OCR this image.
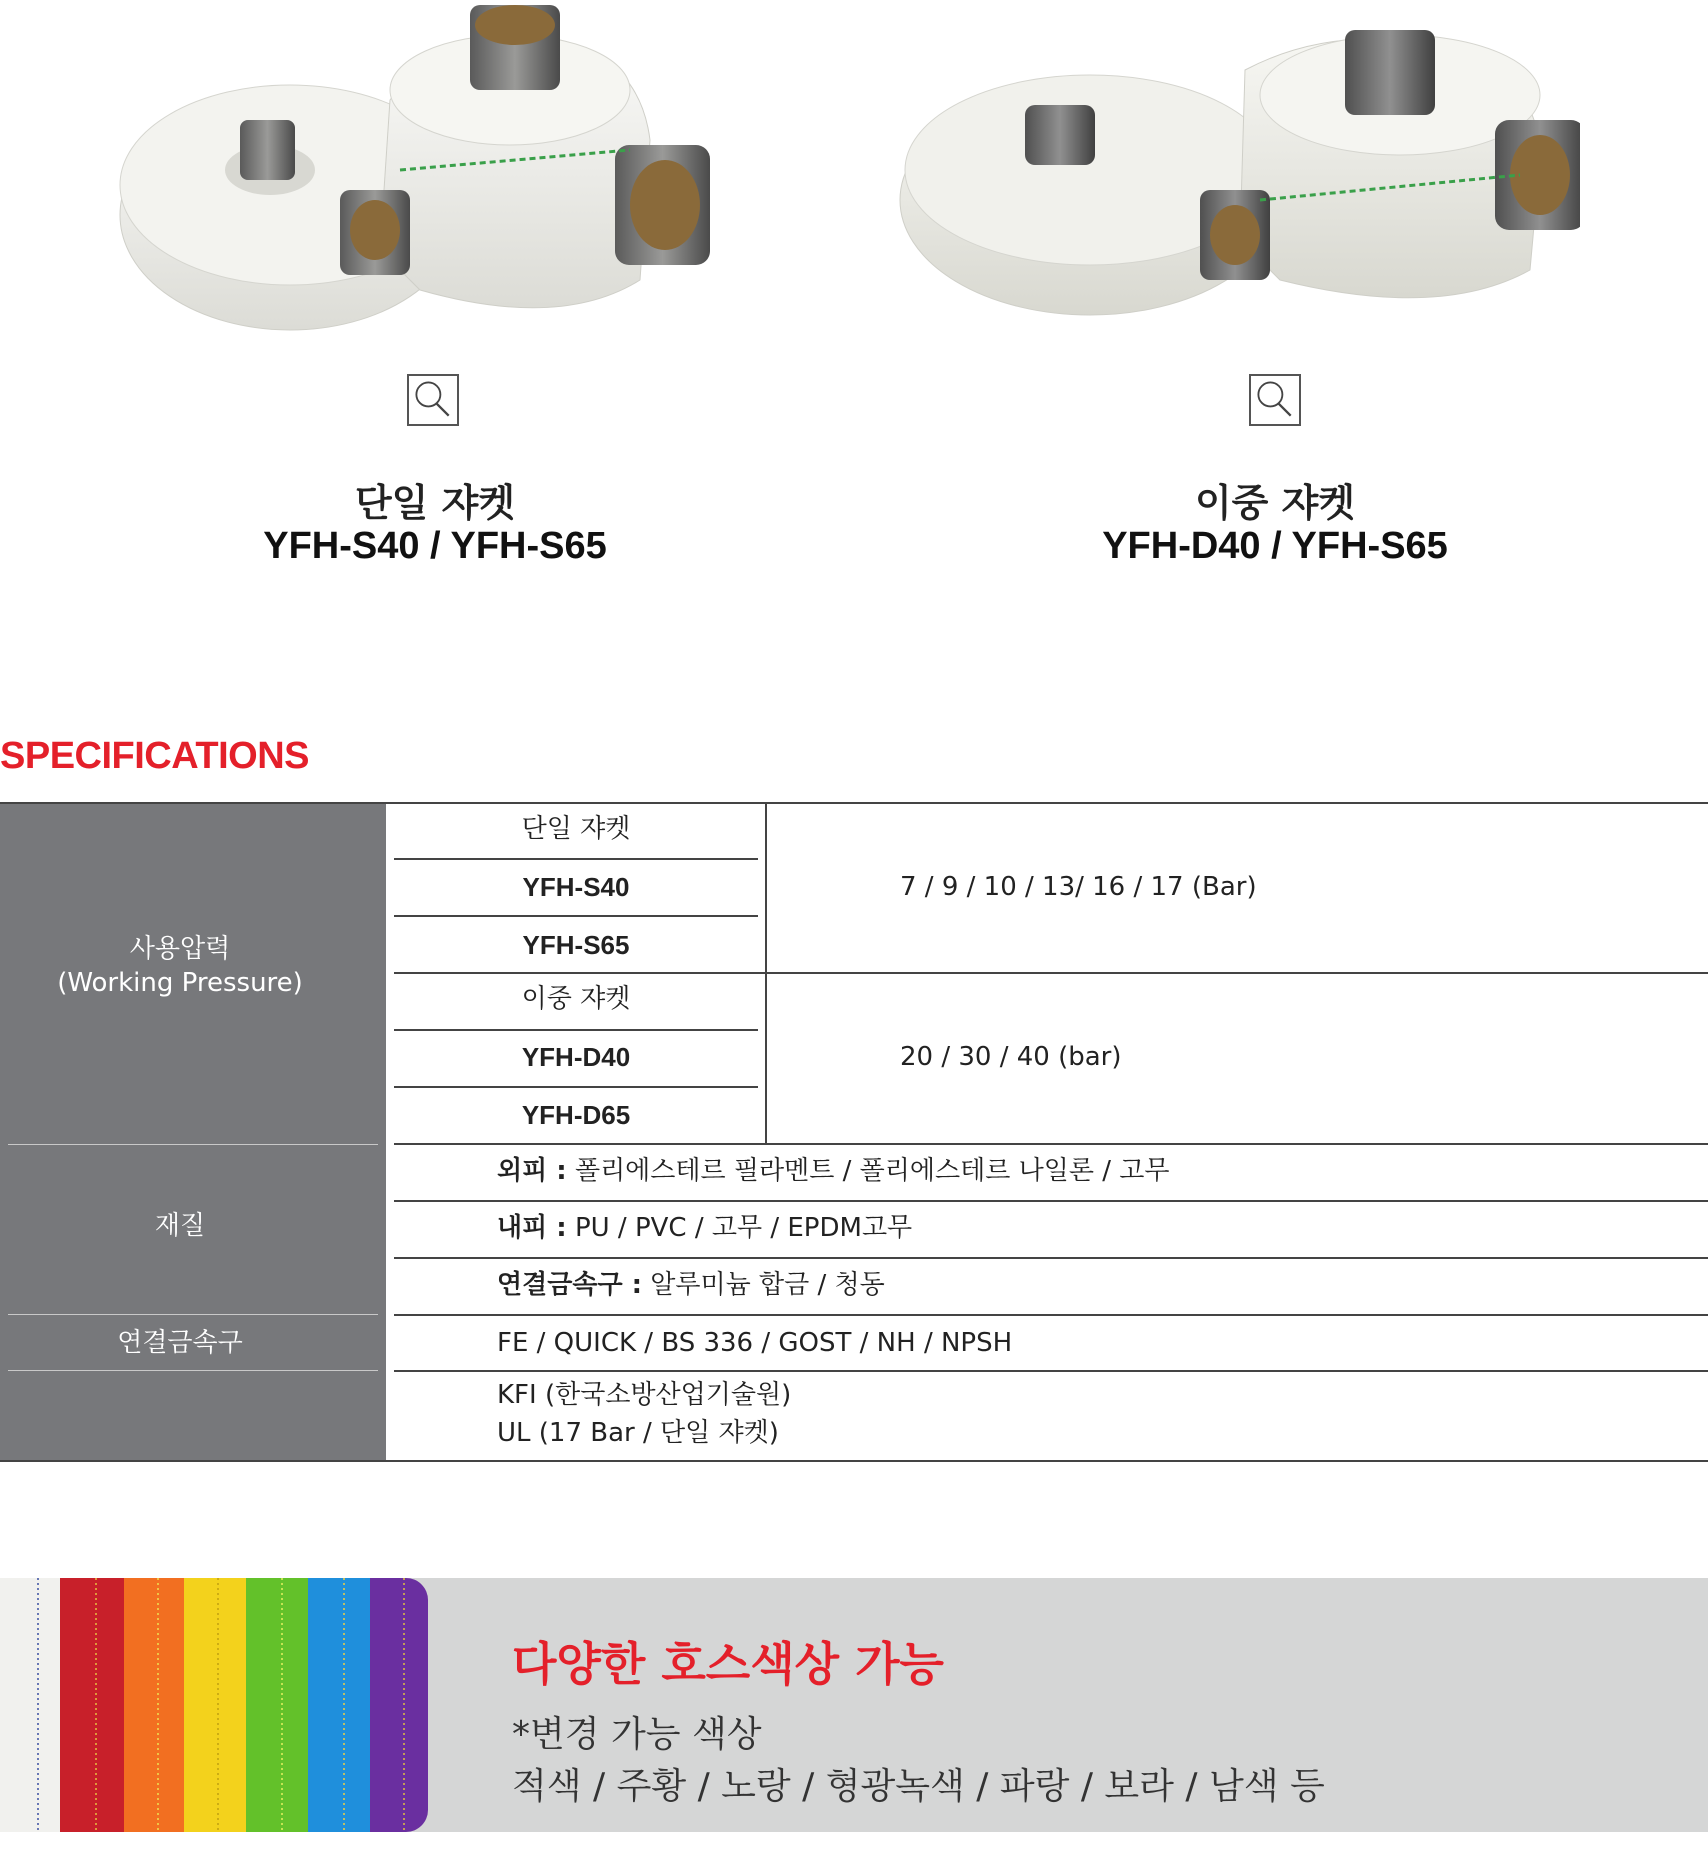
단일 쟈켓
YFH-S40 / YFH-S65
이중 쟈켓
YFH-D40 / YFH-S65
SPECIFICATIONS
사용압력
(Working Pressure)
재질
연결금속구
단일 쟈켓
YFH-S40
YFH-S65
7 / 9 / 10 / 13/ 16 / 17 (Bar)
이중 쟈켓
YFH-D40
YFH-D65
20 / 30 / 40 (bar)
외피 : 폴리에스테르 필라멘트 / 폴리에스테르 나일론 / 고무
내피 : PU / PVC / 고무 / EPDM고무
연결금속구 : 알루미늄 합금 / 청동
FE / QUICK / BS 336 / GOST / NH / NPSH
KFI (한국소방산업기술원)
UL (17 Bar / 단일 쟈켓)
다양한 호스색상 가능
*변경 가능 색상
적색 / 주황 / 노랑 / 형광녹색 / 파랑 / 보라 / 남색 등
